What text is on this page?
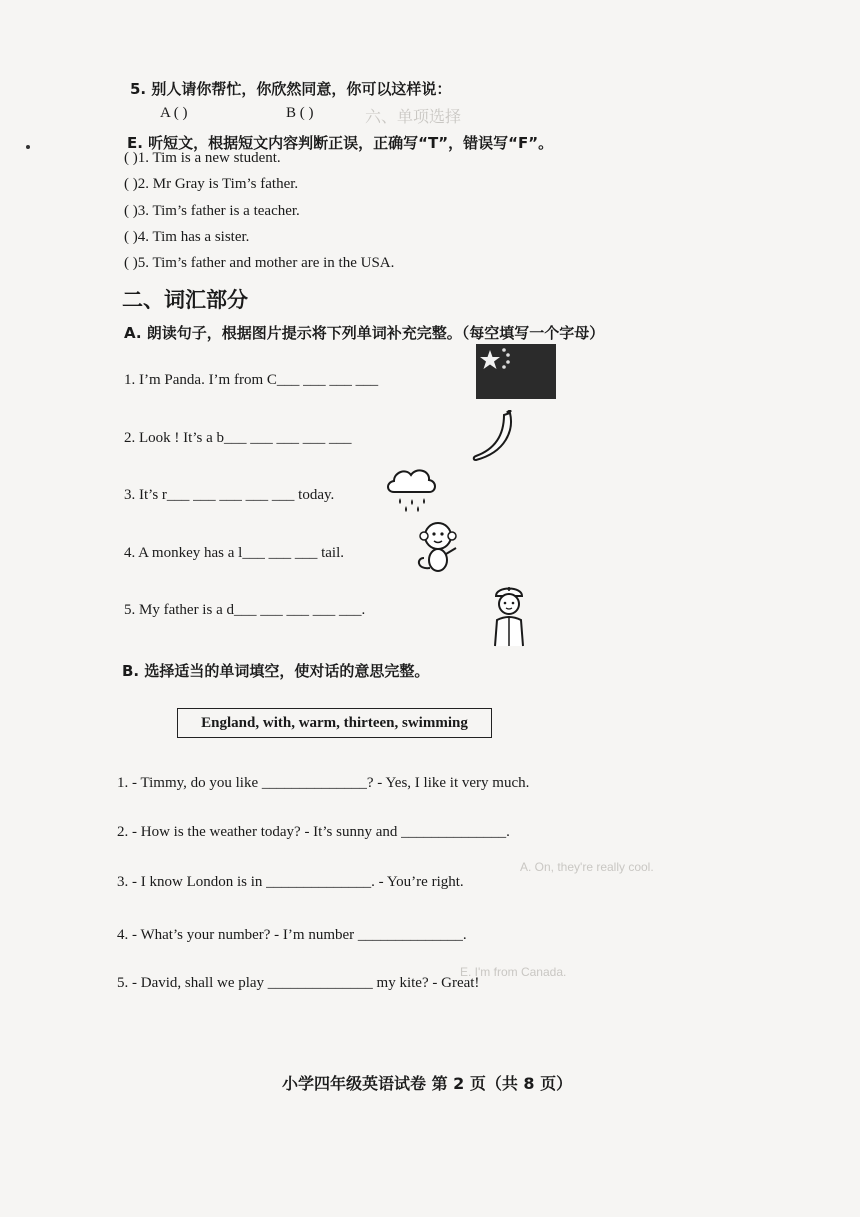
六、单项选择
A. On, they're really cool.
E. I'm from Canada.
5. 别人请你帮忙，你欣然同意，你可以这样说：
A ( )	B ( )
E. 听短文，根据短文内容判断正误，正确写“T”，错误写“F”。
( )1. Tim is a new student.
( )2. Mr Gray is Tim’s father.
( )3. Tim’s father is a teacher.
( )4. Tim has a sister.
( )5. Tim’s father and mother are in the USA.
二、词汇部分
A. 朗读句子，根据图片提示将下列单词补充完整。（每空填写一个字母）
1. I’m Panda. I’m from C___ ___ ___ ___
2. Look ! It’s a b___ ___ ___ ___ ___
3. It’s r___ ___ ___ ___ ___ today.
4. A monkey has a l___ ___ ___ tail.
5. My father is a d___ ___ ___ ___ ___.
B. 选择适当的单词填空，使对话的意思完整。
England, with, warm, thirteen, swimming
1. - Timmy, do you like ______________? - Yes, I like it very much.
2. - How is the weather today? - It’s sunny and ______________.
3. - I know London is in ______________. - You’re right.
4. - What’s your number? - I’m number ______________.
5. - David, shall we play ______________ my kite? - Great!
小学四年级英语试卷 第 2 页（共 8 页）
